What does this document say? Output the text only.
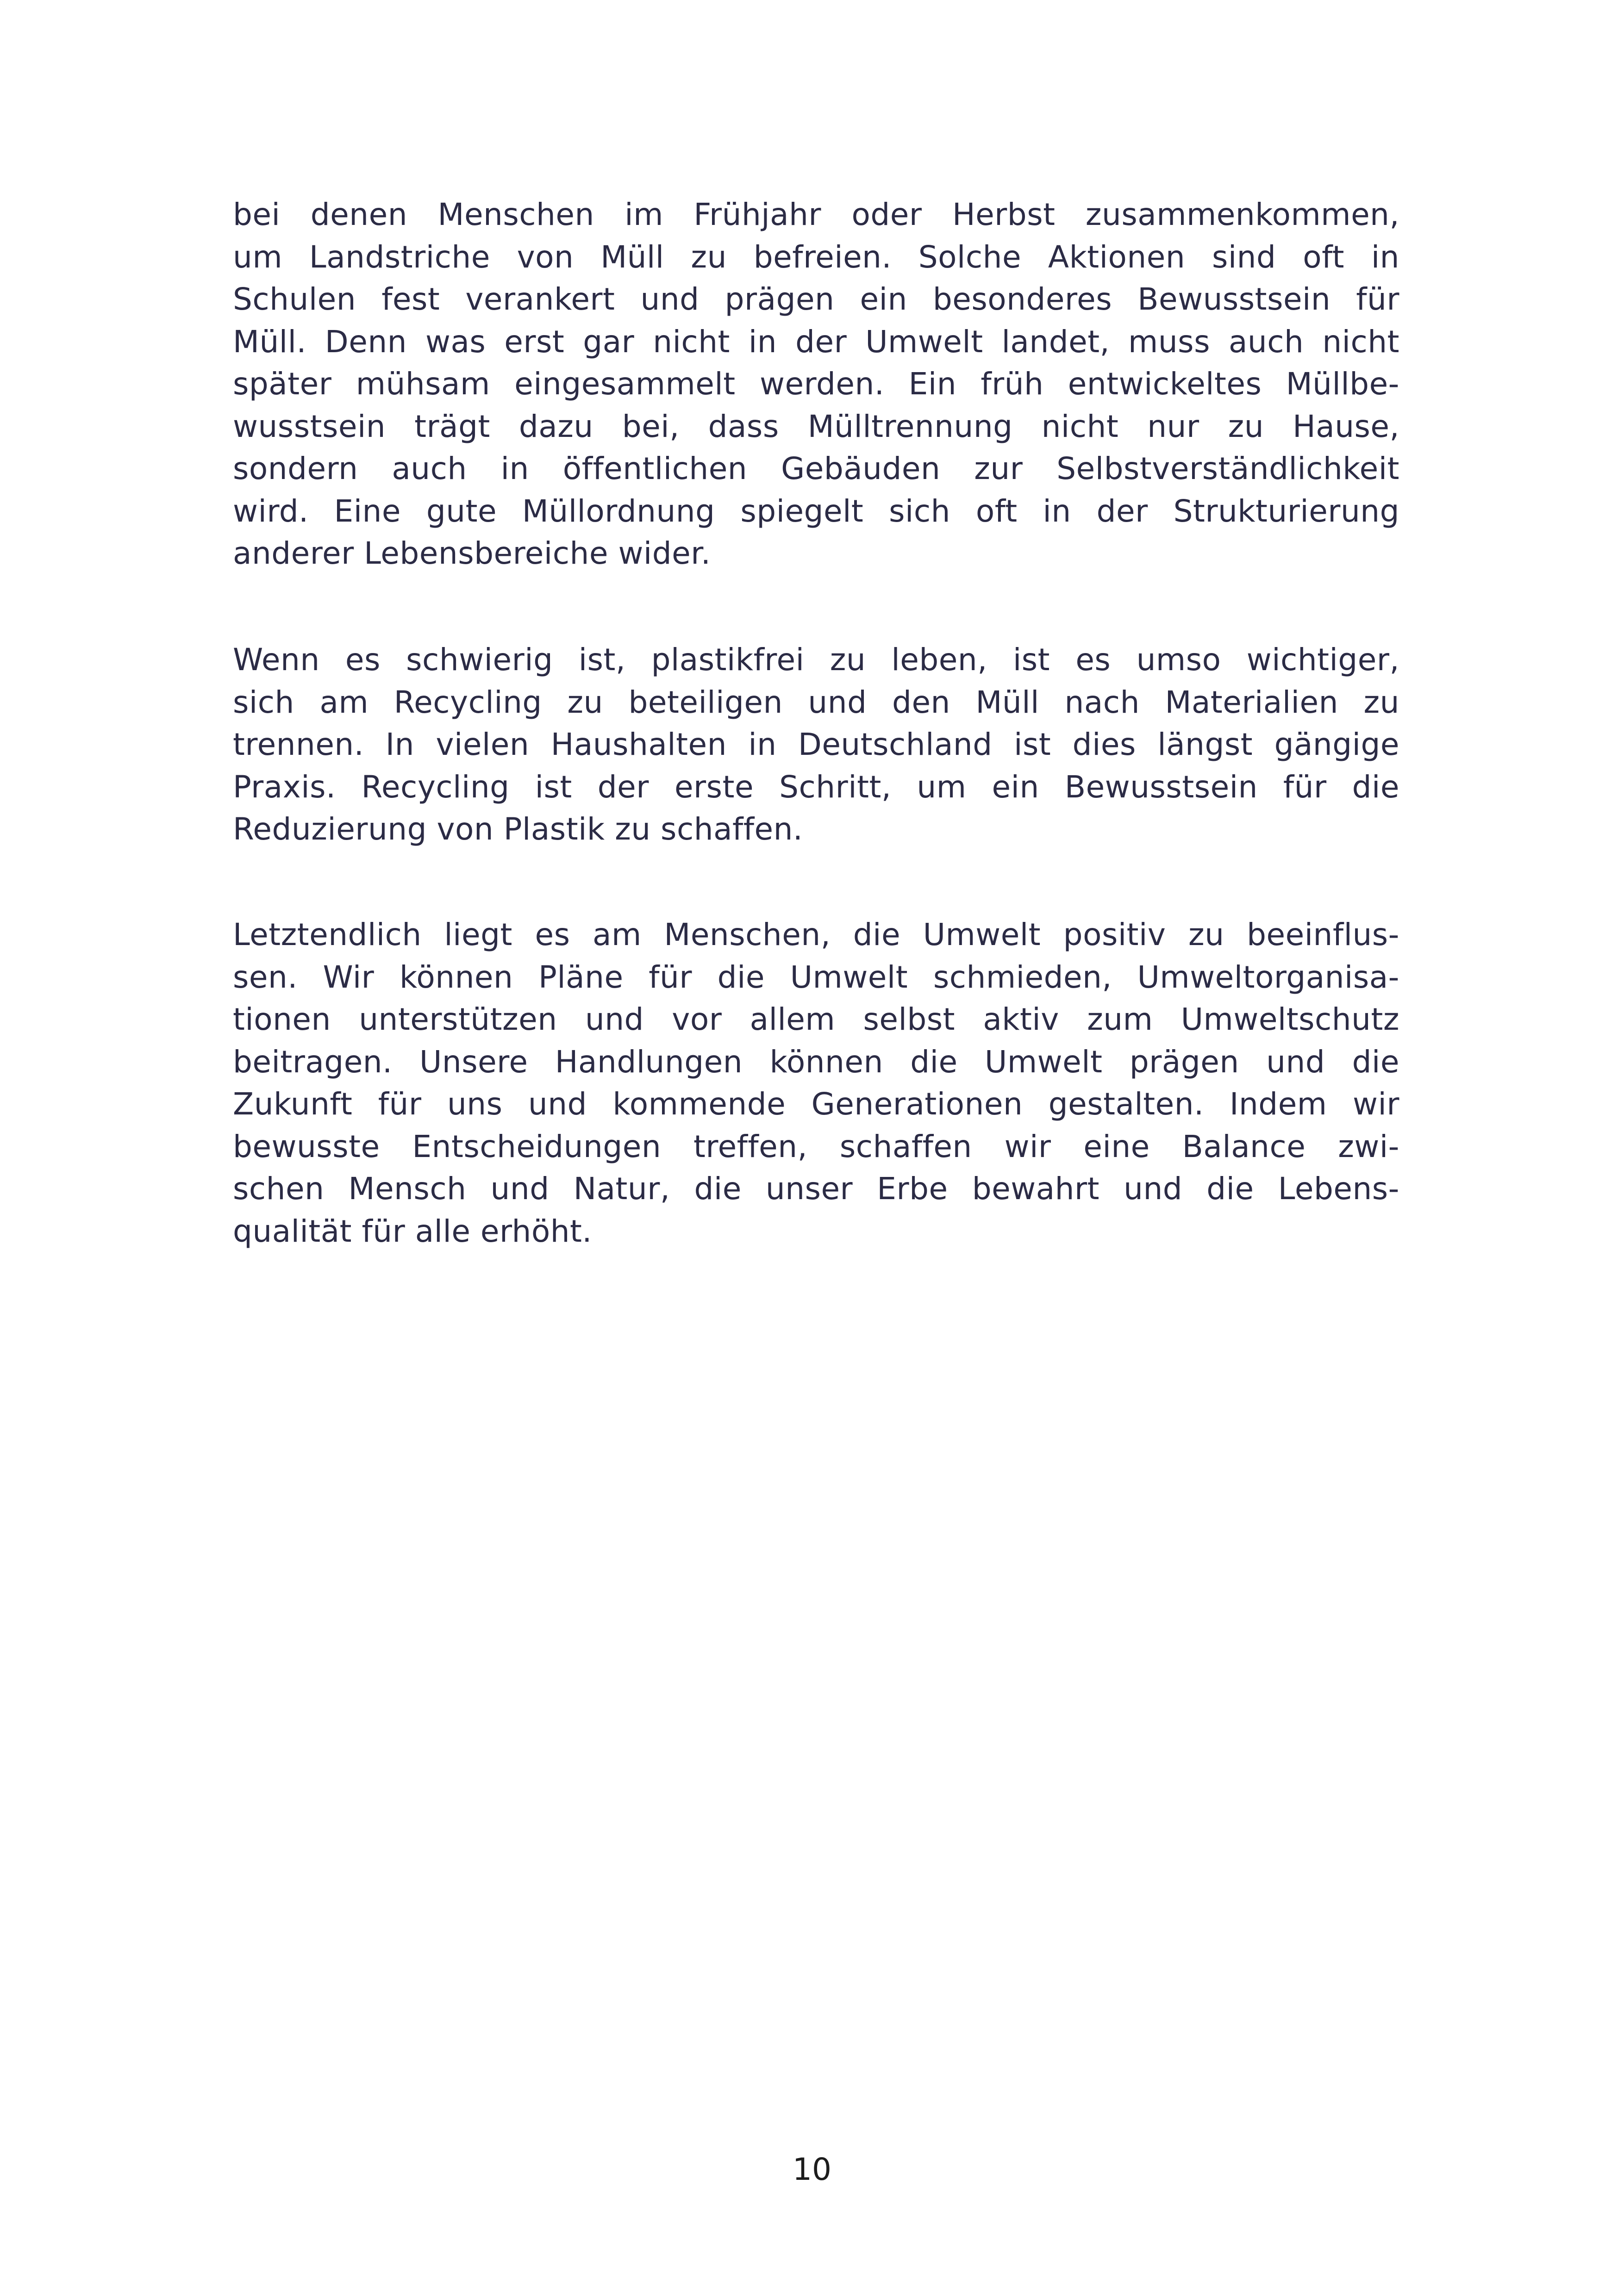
bei denen Menschen im Frühjahr oder Herbst zusammenkommen,
um Landstriche von Müll zu befreien. Solche Aktionen sind oft in
Schulen fest verankert und prägen ein besonderes Bewusstsein für
Müll. Denn was erst gar nicht in der Umwelt landet, muss auch nicht
später mühsam eingesammelt werden. Ein früh entwickeltes Müllbe-
wusstsein trägt dazu bei, dass Mülltrennung nicht nur zu Hause,
sondern auch in öffentlichen Gebäuden zur Selbstverständlichkeit
wird. Eine gute Müllordnung spiegelt sich oft in der Strukturierung
anderer Lebensbereiche wider.
Wenn es schwierig ist, plastikfrei zu leben, ist es umso wichtiger,
sich am Recycling zu beteiligen und den Müll nach Materialien zu
trennen. In vielen Haushalten in Deutschland ist dies längst gängige
Praxis. Recycling ist der erste Schritt, um ein Bewusstsein für die
Reduzierung von Plastik zu schaffen.
Letztendlich liegt es am Menschen, die Umwelt positiv zu beeinflus-
sen. Wir können Pläne für die Umwelt schmieden, Umweltorganisa-
tionen unterstützen und vor allem selbst aktiv zum Umweltschutz
beitragen. Unsere Handlungen können die Umwelt prägen und die
Zukunft für uns und kommende Generationen gestalten. Indem wir
bewusste Entscheidungen treffen, schaffen wir eine Balance zwi-
schen Mensch und Natur, die unser Erbe bewahrt und die Lebens-
qualität für alle erhöht.
10
